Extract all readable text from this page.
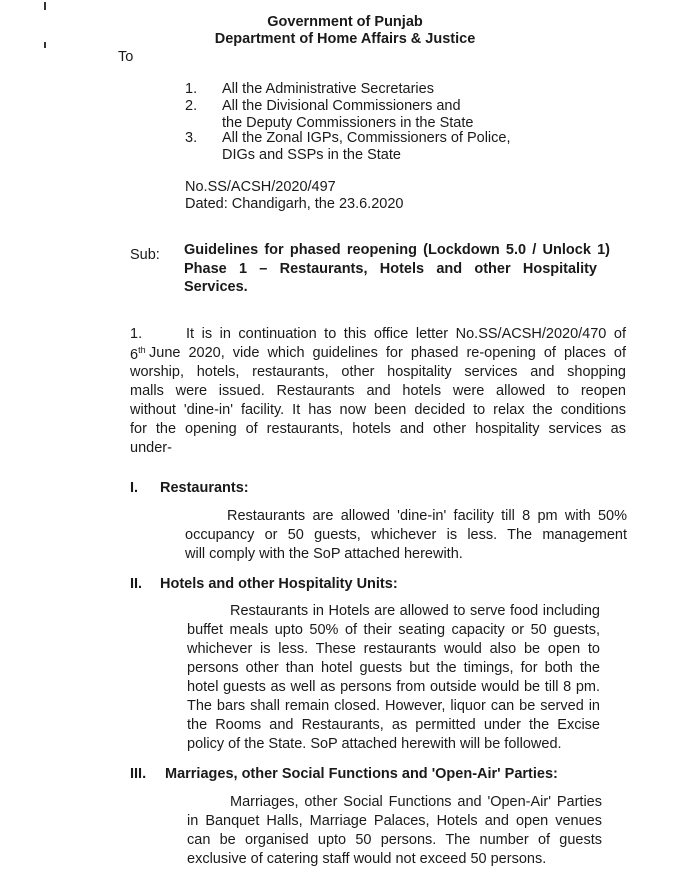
Government of Punjab
Department of Home Affairs & Justice
To
1. All the Administrative Secretaries
2. All the Divisional Commissioners and
the Deputy Commissioners in the State
3. All the Zonal IGPs, Commissioners of Police,
DIGs and SSPs in the State
No.SS/ACSH/2020/497
Dated: Chandigarh, the 23.6.2020
Sub: Guidelines for phased reopening (Lockdown 5.0 / Unlock 1)
Phase 1 – Restaurants, Hotels and other Hospitality
Services.
1.	It is in continuation to this office letter No.SS/ACSH/2020/470 of
6th June 2020, vide which guidelines for phased re-opening of places of
worship, hotels, restaurants, other hospitality services and shopping
malls were issued. Restaurants and hotels were allowed to reopen
without 'dine-in' facility. It has now been decided to relax the conditions
for the opening of restaurants, hotels and other hospitality services as
under-
I. Restaurants:
Restaurants are allowed 'dine-in' facility till 8 pm with 50%
occupancy or 50 guests, whichever is less. The management
will comply with the SoP attached herewith.
II. Hotels and other Hospitality Units:
Restaurants in Hotels are allowed to serve food including
buffet meals upto 50% of their seating capacity or 50 guests,
whichever is less. These restaurants would also be open to
persons other than hotel guests but the timings, for both the
hotel guests as well as persons from outside would be till 8 pm.
The bars shall remain closed. However, liquor can be served in
the Rooms and Restaurants, as permitted under the Excise
policy of the State. SoP attached herewith will be followed.
III. Marriages, other Social Functions and 'Open-Air' Parties:
Marriages, other Social Functions and 'Open-Air' Parties
in Banquet Halls, Marriage Palaces, Hotels and open venues
can be organised upto 50 persons. The number of guests
exclusive of catering staff would not exceed 50 persons.
